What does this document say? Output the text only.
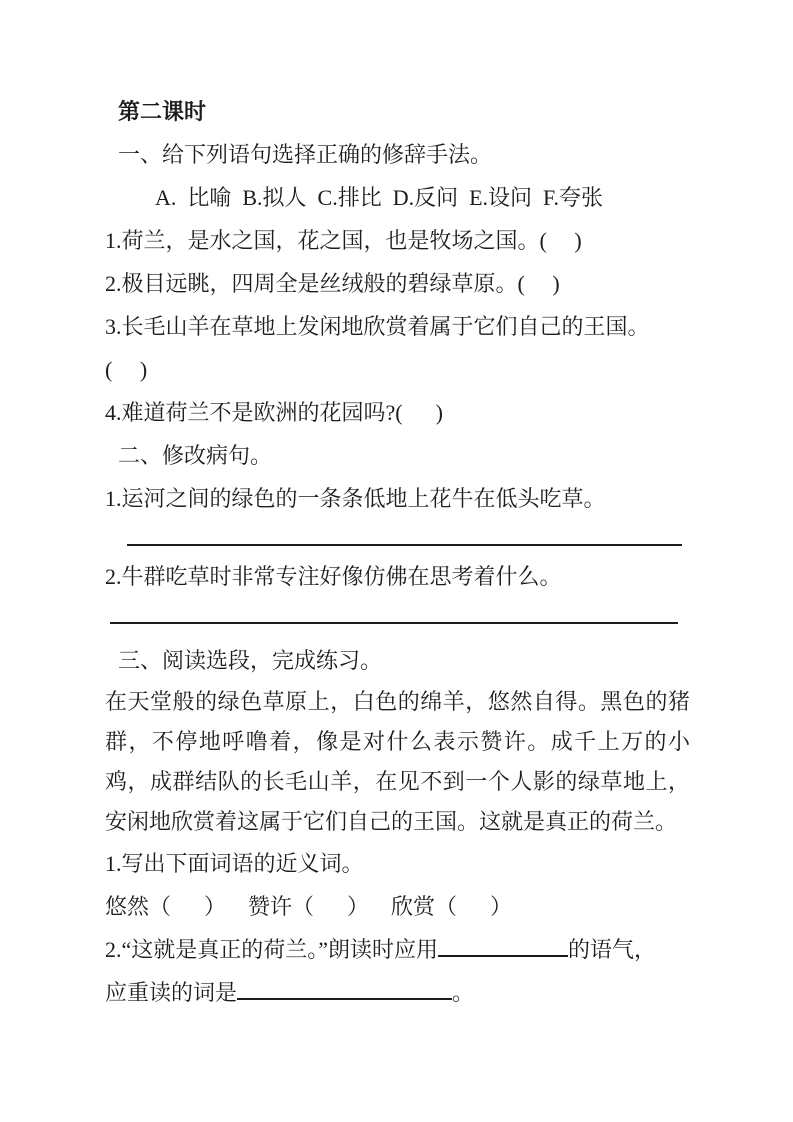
第二课时
一、给下列语句选择正确的修辞手法。
A.  比喻  B.拟人  C.排比  D.反问  E.设问  F.夸张
1.荷兰，是水之国，花之国，也是牧场之国。(     )
2.极目远眺，四周全是丝绒般的碧绿草原。(     )
3.长毛山羊在草地上发闲地欣赏着属于它们自己的王国。
(     )
4.难道荷兰不是欧洲的花园吗?(      )
二、修改病句。
1.运河之间的绿色的一条条低地上花牛在低头吃草。
2.牛群吃草时非常专注好像仿佛在思考着什么。
三、阅读选段，完成练习。
在天堂般的绿色草原上，白色的绵羊，悠然自得。黑色的猪群，不停地呼噜着，像是对什么表示赞许。成千上万的小鸡，成群结队的长毛山羊，在见不到一个人影的绿草地上，安闲地欣赏着这属于它们自己的王国。这就是真正的荷兰。
1.写出下面词语的近义词。
悠然（      ）    赞许（      ）    欣赏（      ）
2.“这就是真正的荷兰。”朗读时应用	的语气，
应重读的词是	。
